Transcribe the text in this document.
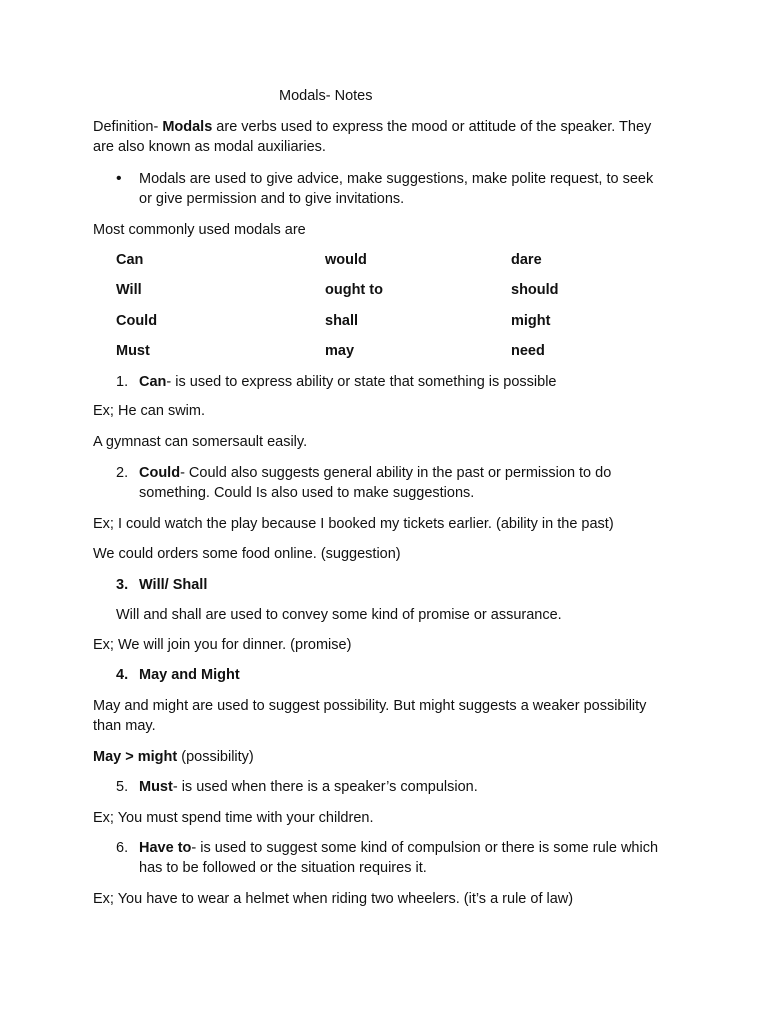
Modals- Notes

Definition- Modals are verbs used to express the mood or attitude of the speaker. They

are also known as modal auxiliaries.

• Modals are used to give advice, make suggestions, make polite request, to seek

or give permission and to give invitations.

Most commonly used modals are

Can	would	dare
Will	ought to	should
Could	shall	might
Must	may	need
1. Can- is used to express ability or state that something is possible

Ex; He can swim.

A gymnast can somersault easily.

2. Could- Could also suggests general ability in the past or permission to do

something. Could Is also used to make suggestions.

Ex; I could watch the play because I booked my tickets earlier. (ability in the past)

We could orders some food online. (suggestion)

3. Will/ Shall

Will and shall are used to convey some kind of promise or assurance.

Ex; We will join you for dinner. (promise)

4. May and Might

May and might are used to suggest possibility. But might suggests a weaker possibility

than may.

May > might (possibility)

5. Must- is used when there is a speaker’s compulsion.

Ex; You must spend time with your children.

6. Have to- is used to suggest some kind of compulsion or there is some rule which

has to be followed or the situation requires it.

Ex; You have to wear a helmet when riding two wheelers. (it’s a rule of law)
